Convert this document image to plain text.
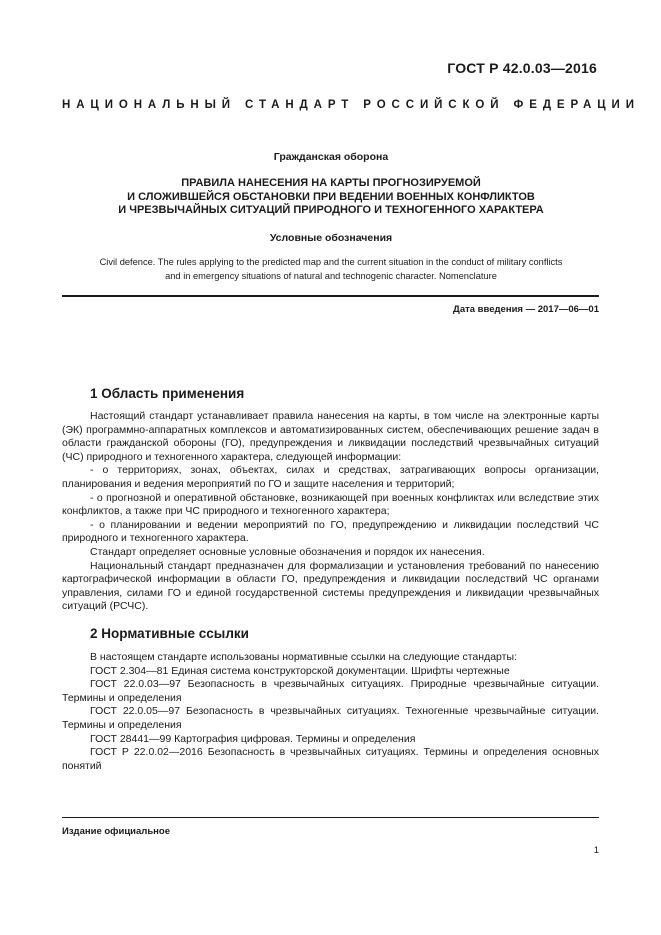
ГОСТ Р 42.0.03—2016
НАЦИОНАЛЬНЫЙ СТАНДАРТ РОССИЙСКОЙ ФЕДЕРАЦИИ
Гражданская оборона
ПРАВИЛА НАНЕСЕНИЯ НА КАРТЫ ПРОГНОЗИРУЕМОЙ
И СЛОЖИВШЕЙСЯ ОБСТАНОВКИ ПРИ ВЕДЕНИИ ВОЕННЫХ КОНФЛИКТОВ
И ЧРЕЗВЫЧАЙНЫХ СИТУАЦИЙ ПРИРОДНОГО И ТЕХНОГЕННОГО ХАРАКТЕРА
Условные обозначения
Civil defence. The rules applying to the predicted map and the current situation in the conduct of military conflicts
and in emergency situations of natural and technogenic character. Nomenclature
Дата введения — 2017—06—01
1 Область применения

Настоящий стандарт устанавливает правила нанесения на карты, в том числе на электронные карты (ЭК) программно-аппаратных комплексов и автоматизированных систем, обеспечивающих решение задач в области гражданской обороны (ГО), предупреждения и ликвидации последствий чрезвычайных ситуаций (ЧС) природного и техногенного характера, следующей информации:

- о территориях, зонах, объектах, силах и средствах, затрагивающих вопросы организации, планирования и ведения мероприятий по ГО и защите населения и территорий;

- о прогнозной и оперативной обстановке, возникающей при военных конфликтах или вследствие этих конфликтов, а также при ЧС природного и техногенного характера;

- о планировании и ведении мероприятий по ГО, предупреждению и ликвидации последствий ЧС природного и техногенного характера.

Стандарт определяет основные условные обозначения и порядок их нанесения.

Национальный стандарт предназначен для формализации и установления требований по нанесению картографической информации в области ГО, предупреждения и ликвидации последствий ЧС органами управления, силами ГО и единой государственной системы предупреждения и ликвидации чрезвычайных ситуаций (РСЧС).

2 Нормативные ссылки

В настоящем стандарте использованы нормативные ссылки на следующие стандарты:

ГОСТ 2.304—81 Единая система конструкторской документации. Шрифты чертежные

ГОСТ 22.0.03—97 Безопасность в чрезвычайных ситуациях. Природные чрезвычайные ситуации. Термины и определения

ГОСТ 22.0.05—97 Безопасность в чрезвычайных ситуациях. Техногенные чрезвычайные ситуации. Термины и определения

ГОСТ 28441—99 Картография цифровая. Термины и определения

ГОСТ Р 22.0.02—2016 Безопасность в чрезвычайных ситуациях. Термины и определения основных понятий

Издание официальное
1
